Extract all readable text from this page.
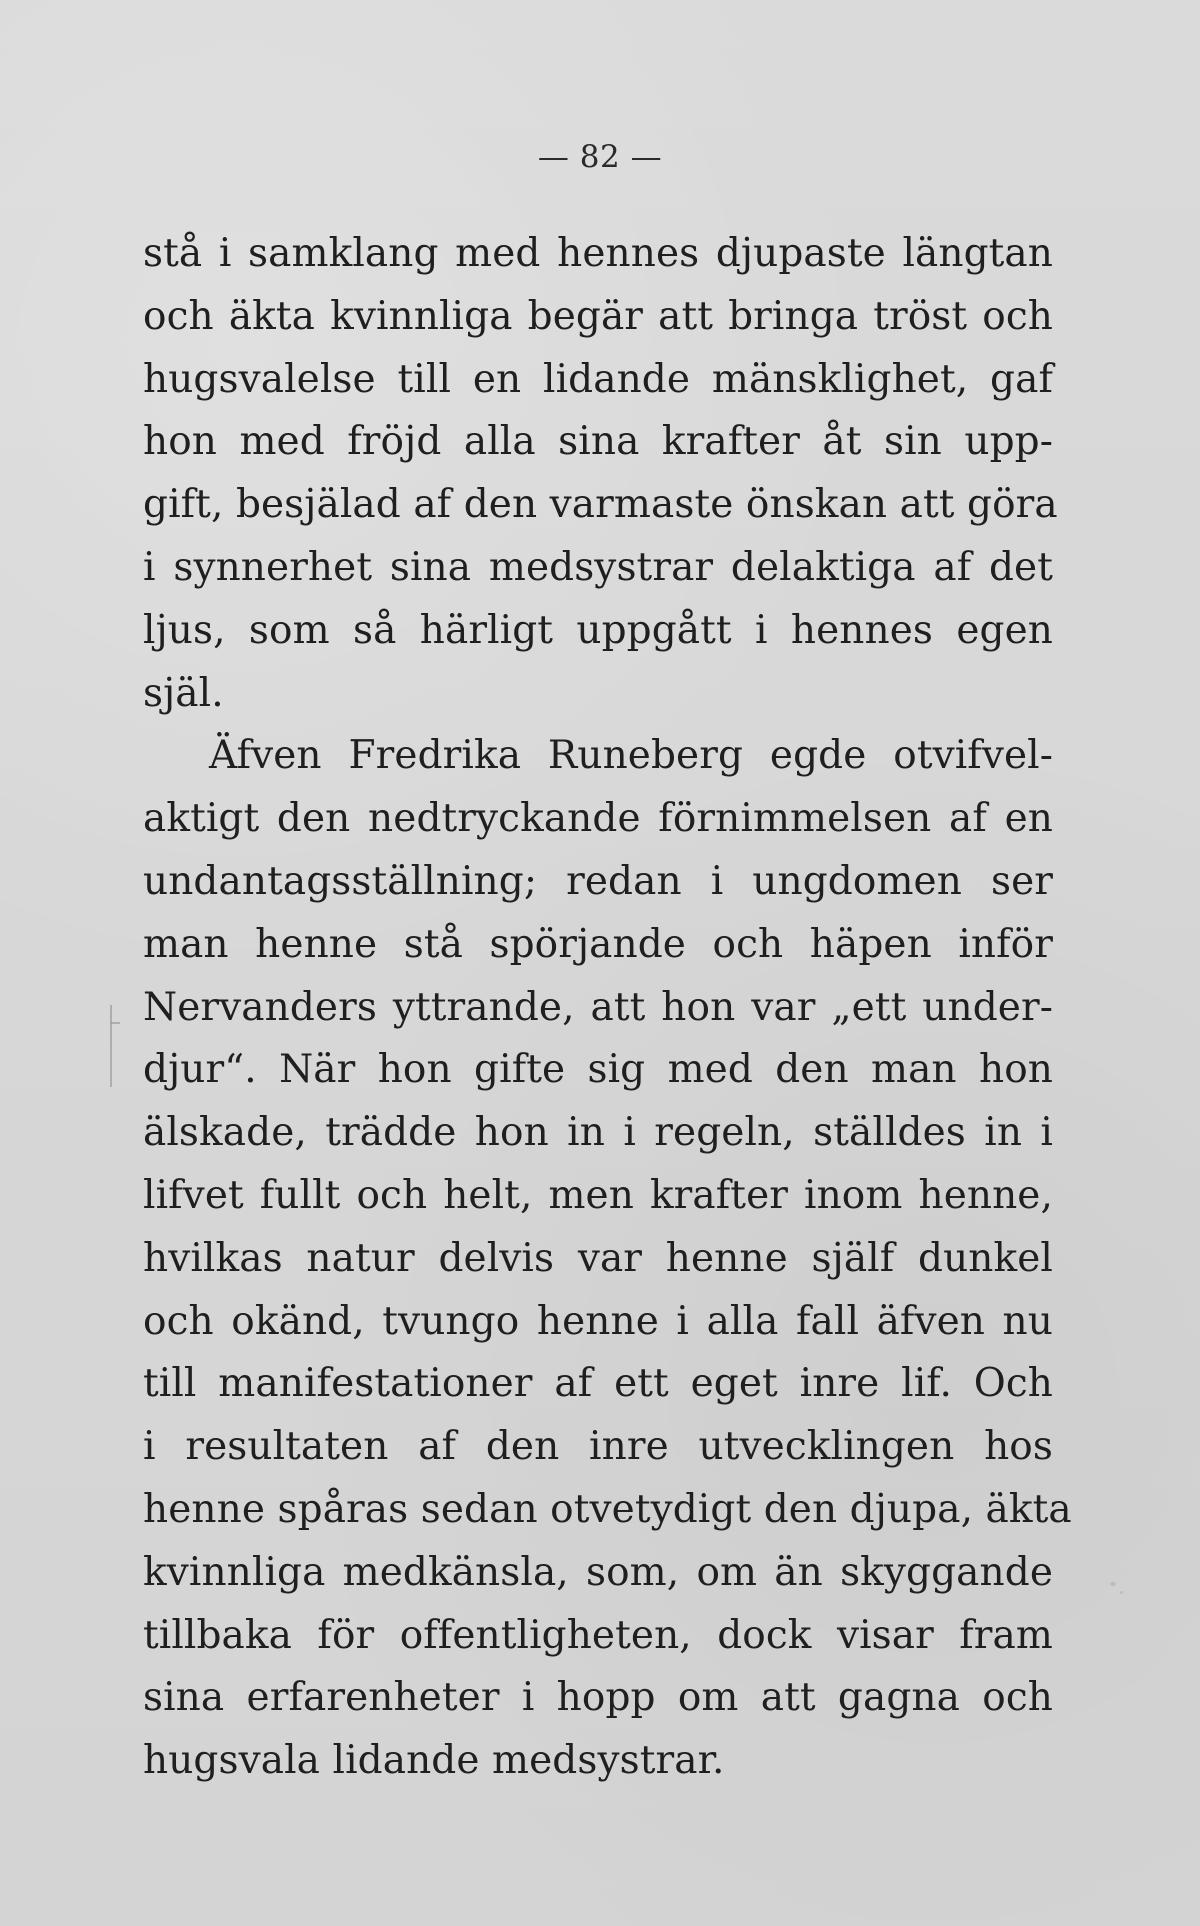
— 82 —
stå i samklang med hennes djupaste längtan
och äkta kvinnliga begär att bringa tröst och
hugsvalelse till en lidande mänsklighet, gaf
hon med fröjd alla sina krafter åt sin upp-
gift, besjälad af den varmaste önskan att göra
i synnerhet sina medsystrar delaktiga af det
ljus, som så härligt uppgått i hennes egen
själ.
Äfven Fredrika Runeberg egde otvifvel-
aktigt den nedtryckande förnimmelsen af en
undantagsställning; redan i ungdomen ser
man henne stå spörjande och häpen inför
Nervanders yttrande, att hon var „ett under-
djur“. När hon gifte sig med den man hon
älskade, trädde hon in i regeln, ställdes in i
lifvet fullt och helt, men krafter inom henne,
hvilkas natur delvis var henne själf dunkel
och okänd, tvungo henne i alla fall äfven nu
till manifestationer af ett eget inre lif. Och
i resultaten af den inre utvecklingen hos
henne spåras sedan otvetydigt den djupa, äkta
kvinnliga medkänsla, som, om än skyggande
tillbaka för offentligheten, dock visar fram
sina erfarenheter i hopp om att gagna och
hugsvala lidande medsystrar.
